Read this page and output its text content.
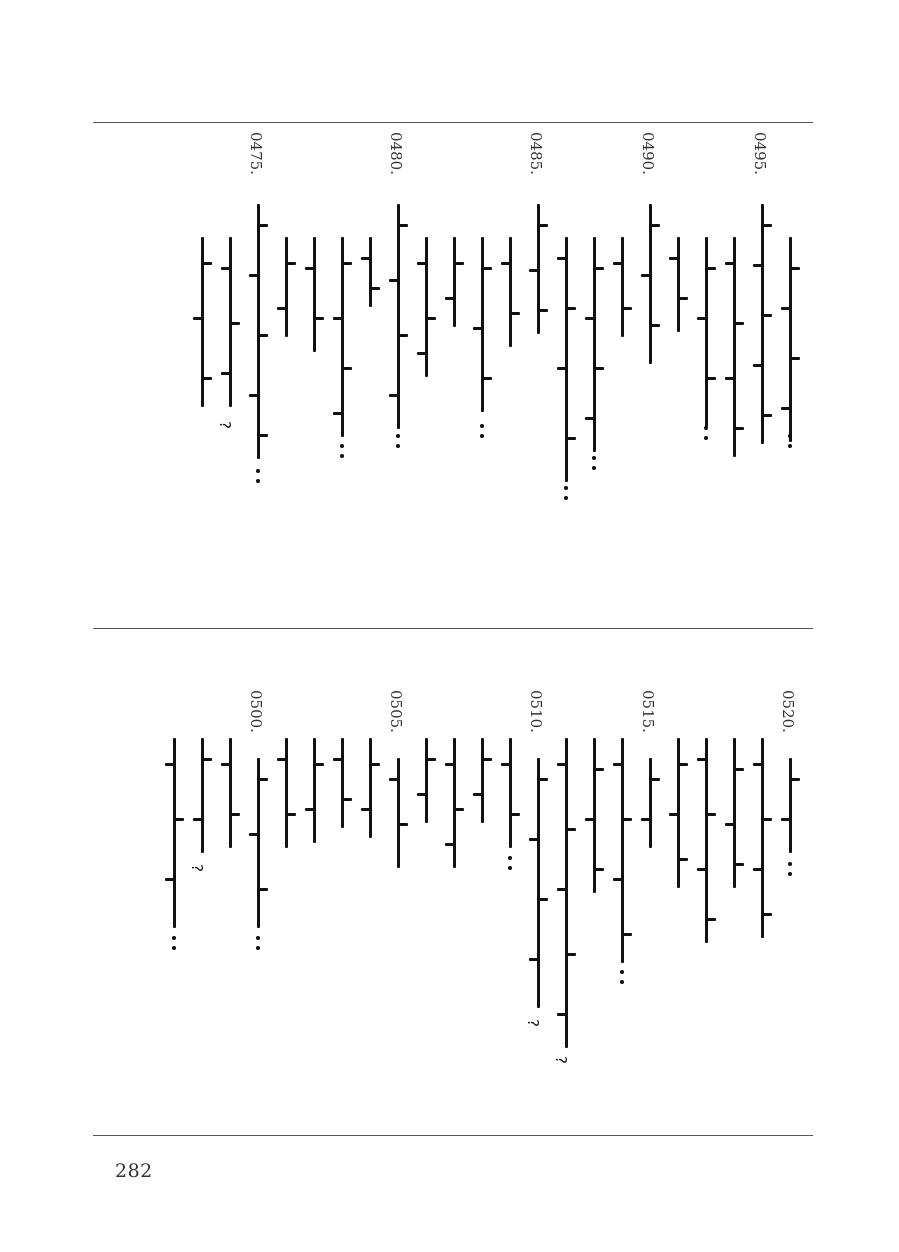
0495.
0490.
0485.
0480.
0475.
?
0520.
0515.
?
0510.
?
0505.
0500.
?
282
